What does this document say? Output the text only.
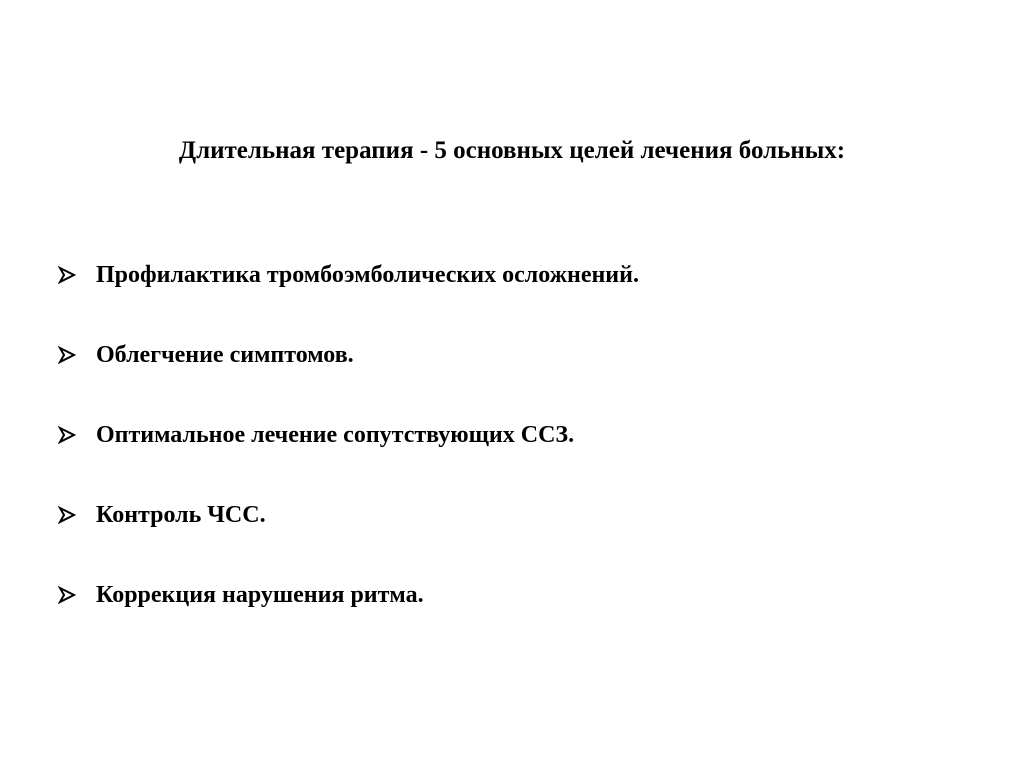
Длительная терапия - 5 основных целей лечения больных:
Профилактика тромбоэмболических осложнений.
Облегчение симптомов.
Оптимальное лечение сопутствующих ССЗ.
Контроль ЧСС.
Коррекция нарушения ритма.
